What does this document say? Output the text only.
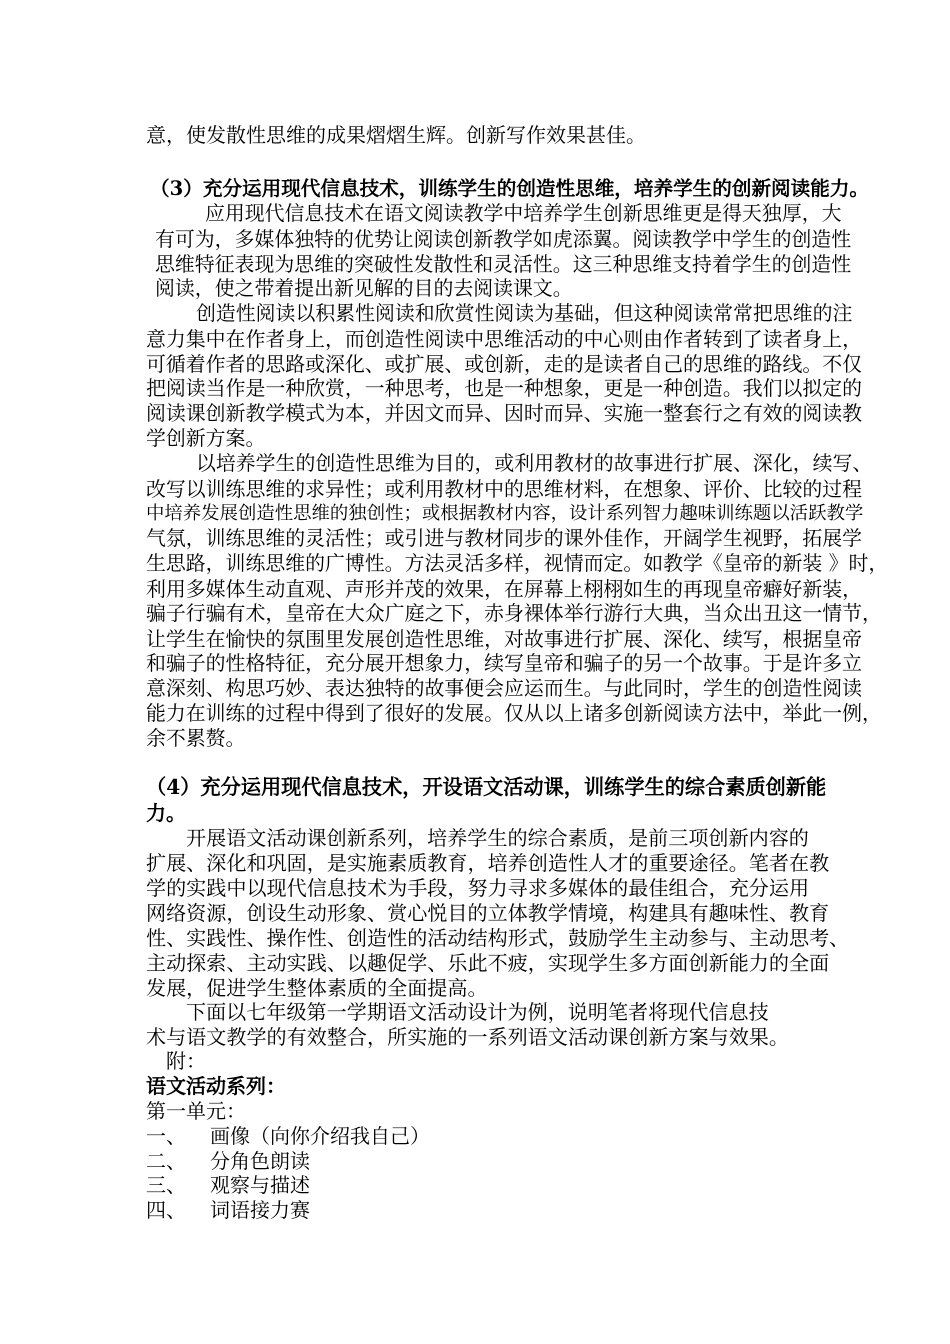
意，使发散性思维的成果熠熠生辉。创新写作效果甚佳。
（3）充分运用现代信息技术，训练学生的创造性思维，培养学生的创新阅读能力。
应用现代信息技术在语文阅读教学中培养学生创新思维更是得天独厚，大
有可为，多媒体独特的优势让阅读创新教学如虎添翼。阅读教学中学生的创造性
思维特征表现为思维的突破性发散性和灵活性。这三种思维支持着学生的创造性
阅读，使之带着提出新见解的目的去阅读课文。
创造性阅读以积累性阅读和欣赏性阅读为基础，但这种阅读常常把思维的注
意力集中在作者身上，而创造性阅读中思维活动的中心则由作者转到了读者身上，
可循着作者的思路或深化、或扩展、或创新，走的是读者自己的思维的路线。不仅
把阅读当作是一种欣赏，一种思考，也是一种想象，更是一种创造。我们以拟定的
阅读课创新教学模式为本，并因文而异、因时而异、实施一整套行之有效的阅读教
学创新方案。
以培养学生的创造性思维为目的，或利用教材的故事进行扩展、深化，续写、
改写以训练思维的求异性；或利用教材中的思维材料，在想象、评价、比较的过程
中培养发展创造性思维的独创性；或根据教材内容，设计系列智力趣味训练题以活跃教学
气氛，训练思维的灵活性；或引进与教材同步的课外佳作，开阔学生视野，拓展学
生思路，训练思维的广博性。方法灵活多样，视情而定。如教学《皇帝的新装 》时，
利用多媒体生动直观、声形并茂的效果，在屏幕上栩栩如生的再现皇帝癖好新装，
骗子行骗有术，皇帝在大众广庭之下，赤身裸体举行游行大典，当众出丑这一情节，
让学生在愉快的氛围里发展创造性思维，对故事进行扩展、深化、续写，根据皇帝
和骗子的性格特征，充分展开想象力，续写皇帝和骗子的另一个故事。于是许多立
意深刻、构思巧妙、表达独特的故事便会应运而生。与此同时，学生的创造性阅读
能力在训练的过程中得到了很好的发展。仅从以上诸多创新阅读方法中，举此一例，
余不累赘。
（4）充分运用现代信息技术，开设语文活动课，训练学生的综合素质创新能
力。
开展语文活动课创新系列，培养学生的综合素质，是前三项创新内容的
扩展、深化和巩固，是实施素质教育，培养创造性人才的重要途径。笔者在教
学的实践中以现代信息技术为手段，努力寻求多媒体的最佳组合，充分运用
网络资源，创设生动形象、赏心悦目的立体教学情境，构建具有趣味性、教育
性、实践性、操作性、创造性的活动结构形式，鼓励学生主动参与、主动思考、
主动探索、主动实践、以趣促学、乐此不疲，实现学生多方面创新能力的全面
发展，促进学生整体素质的全面提高。
下面以七年级第一学期语文活动设计为例，说明笔者将现代信息技
术与语文教学的有效整合，所实施的一系列语文活动课创新方案与效果。
附：
语文活动系列：
第一单元：
一、 画像（向你介绍我自己）
二、 分角色朗读
三、 观察与描述
四、 词语接力赛
